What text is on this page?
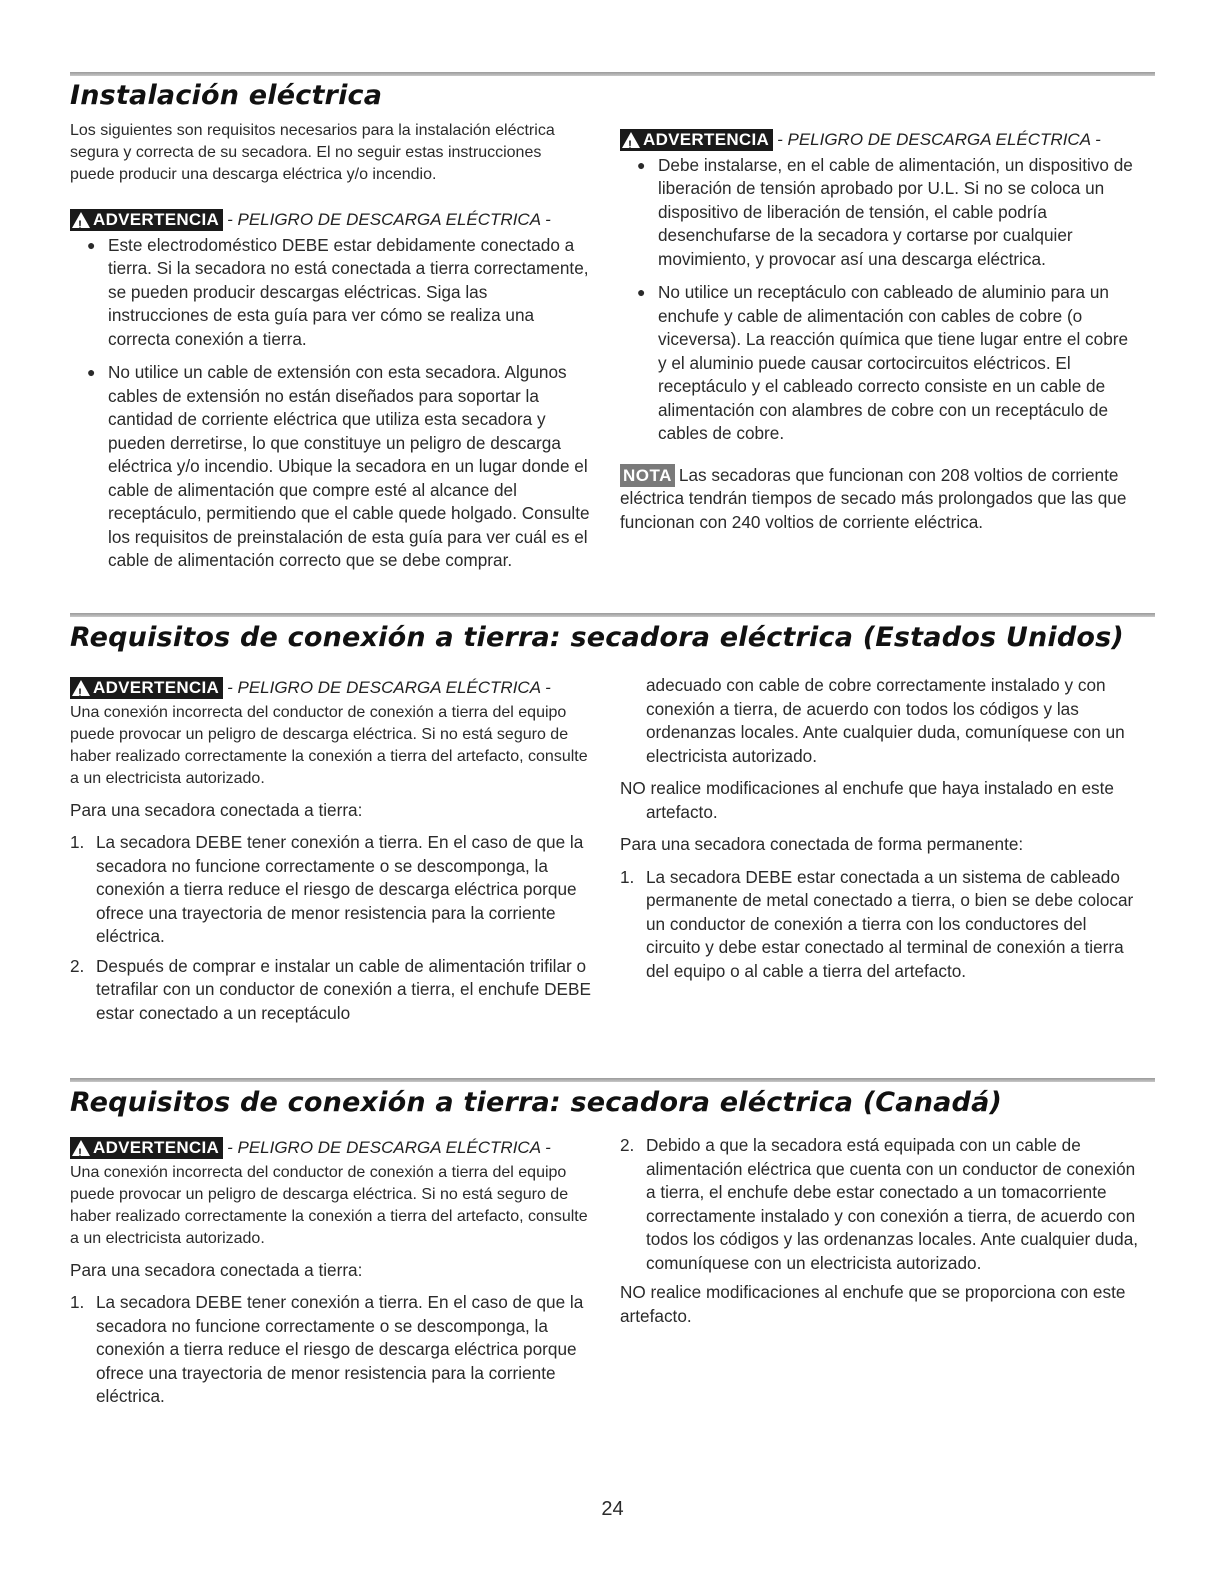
Instalación eléctrica

Los siguientes son requisitos necesarios para la instalación eléctrica segura y correcta de su secadora. El no seguir estas instrucciones puede producir una descarga eléctrica y/o incendio.

!
ADVERTENCIA - PELIGRO DE DESCARGA ELÉCTRICA -
● Este electrodoméstico DEBE estar debidamente conectado a tierra. Si la secadora no está conectada a tierra correctamente, se pueden producir descargas eléctricas. Siga las instrucciones de esta guía para ver cómo se realiza una correcta conexión a tierra.
● No utilice un cable de extensión con esta secadora. Algunos cables de extensión no están diseñados para soportar la cantidad de corriente eléctrica que utiliza esta secadora y pueden derretirse, lo que constituye un peligro de descarga eléctrica y/o incendio. Ubique la secadora en un lugar donde el cable de alimentación que compre esté al alcance del receptáculo, permitiendo que el cable quede holgado. Consulte los requisitos de preinstalación de esta guía para ver cuál es el cable de alimentación correcto que se debe comprar.
!
ADVERTENCIA - PELIGRO DE DESCARGA ELÉCTRICA -
● Debe instalarse, en el cable de alimentación, un dispositivo de liberación de tensión aprobado por U.L. Si no se coloca un dispositivo de liberación de tensión, el cable podría desenchufarse de la secadora y cortarse por cualquier movimiento, y provocar así una descarga eléctrica.
● No utilice un receptáculo con cableado de aluminio para un enchufe y cable de alimentación con cables de cobre (o viceversa). La reacción química que tiene lugar entre el cobre y el aluminio puede causar cortocircuitos eléctricos. El receptáculo y el cableado correcto consiste en un cable de alimentación con alambres de cobre con un receptáculo de cables de cobre.

NOTA Las secadoras que funcionan con 208 voltios de corriente eléctrica tendrán tiempos de secado más prolongados que las que funcionan con 240 voltios de corriente eléctrica.

Requisitos de conexión a tierra: secadora eléctrica (Estados Unidos)
!
ADVERTENCIA - PELIGRO DE DESCARGA ELÉCTRICA -

Una conexión incorrecta del conductor de conexión a tierra del equipo puede provocar un peligro de descarga eléctrica. Si no está seguro de haber realizado correctamente la conexión a tierra del artefacto, consulte a un electricista autorizado.

Para una secadora conectada a tierra:

1. La secadora DEBE tener conexión a tierra. En el caso de que la secadora no funcione correctamente o se descomponga, la conexión a tierra reduce el riesgo de descarga eléctrica porque ofrece una trayectoria de menor resistencia para la corriente eléctrica.
2. Después de comprar e instalar un cable de alimentación trifilar o tetrafilar con un conductor de conexión a tierra, el enchufe DEBE estar conectado a un receptáculo

adecuado con cable de cobre correctamente instalado y con conexión a tierra, de acuerdo con todos los códigos y las ordenanzas locales. Ante cualquier duda, comuníquese con un electricista autorizado.

NO realice modificaciones al enchufe que haya instalado en este artefacto.

Para una secadora conectada de forma permanente:

1. La secadora DEBE estar conectada a un sistema de cableado permanente de metal conectado a tierra, o bien se debe colocar un conductor de conexión a tierra con los conductores del circuito y debe estar conectado al terminal de conexión a tierra del equipo o al cable a tierra del artefacto.
Requisitos de conexión a tierra: secadora eléctrica (Canadá)
!
ADVERTENCIA - PELIGRO DE DESCARGA ELÉCTRICA -

Una conexión incorrecta del conductor de conexión a tierra del equipo puede provocar un peligro de descarga eléctrica. Si no está seguro de haber realizado correctamente la conexión a tierra del artefacto, consulte a un electricista autorizado.

Para una secadora conectada a tierra:

1. La secadora DEBE tener conexión a tierra. En el caso de que la secadora no funcione correctamente o se descomponga, la conexión a tierra reduce el riesgo de descarga eléctrica porque ofrece una trayectoria de menor resistencia para la corriente eléctrica.
2. Debido a que la secadora está equipada con un cable de alimentación eléctrica que cuenta con un conductor de conexión a tierra, el enchufe debe estar conectado a un tomacorriente correctamente instalado y con conexión a tierra, de acuerdo con todos los códigos y las ordenanzas locales. Ante cualquier duda, comuníquese con un electricista autorizado.

NO realice modificaciones al enchufe que se proporciona con este artefacto.

24
